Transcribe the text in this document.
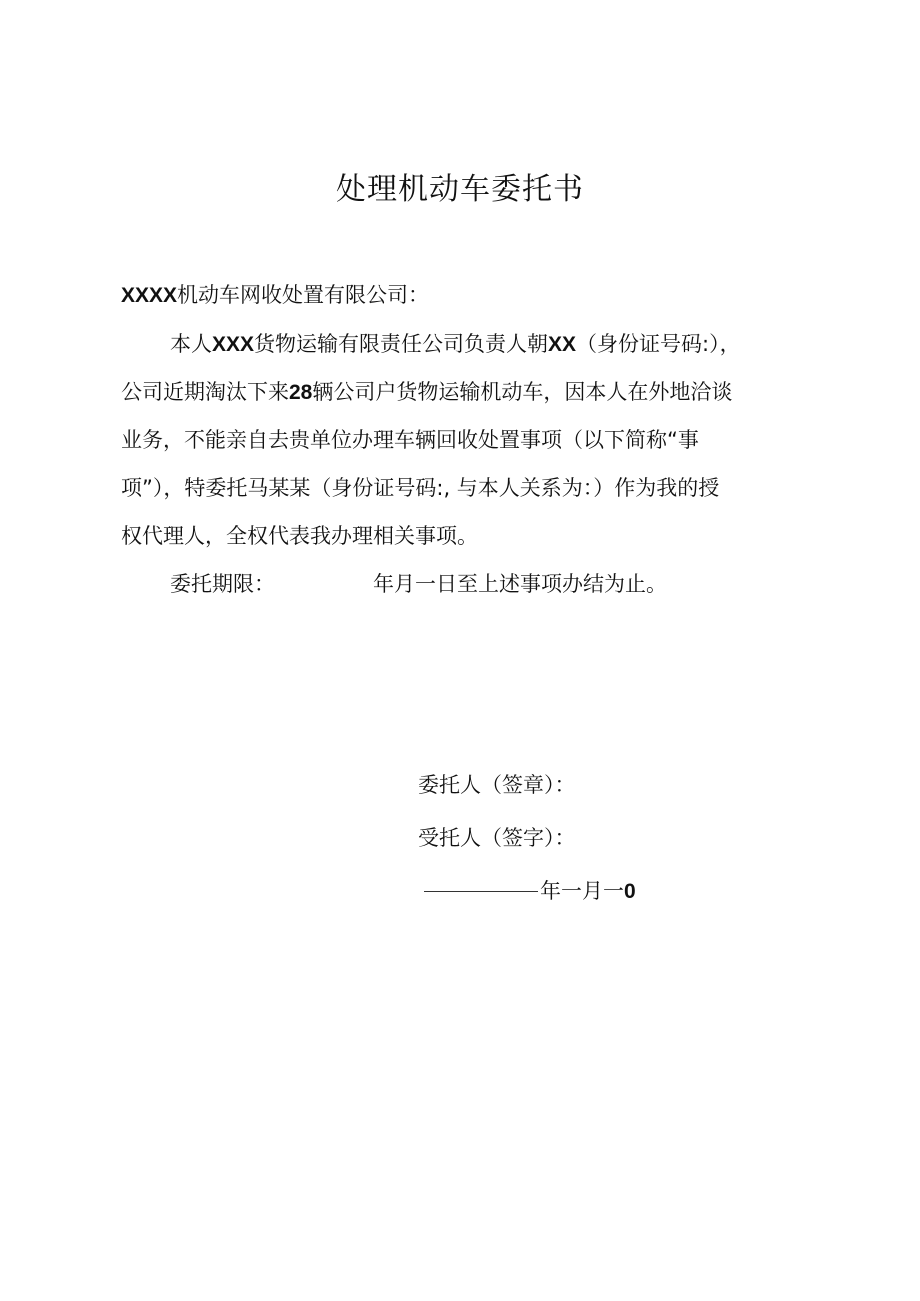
处理机动车委托书
XXXX机动车网收处置有限公司：
本人XXX货物运输有限责任公司负责人朝XX（身份证号码:），
公司近期淘汰下来28辆公司户货物运输机动车，因本人在外地洽谈
业务，不能亲自去贵单位办理车辆回收处置事项（以下简称“事
项”），特委托马某某（身份证号码:, 与本人关系为：）作为我的授
权代理人，全权代表我办理相关事项。
委托期限：	年月一日至上述事项办结为止。
委托人（签章）：
受托人（签字）：
年一月一0
